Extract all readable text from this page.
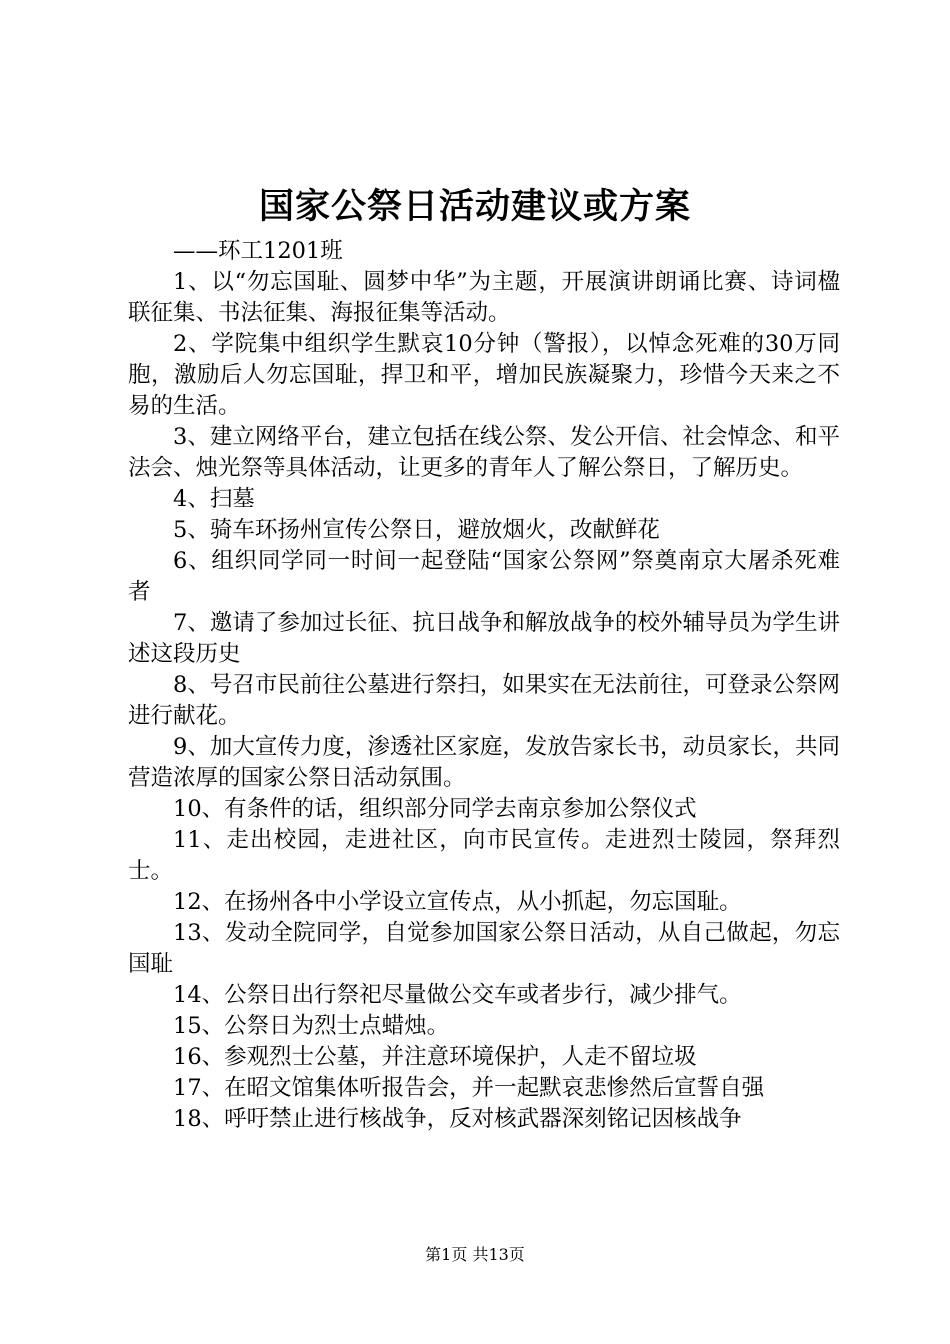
国家公祭日活动建议或方案

——环工1201班

1、以“勿忘国耻、圆梦中华”为主题，开展演讲朗诵比赛、诗词楹联征集、书法征集、海报征集等活动。

2、学院集中组织学生默哀10分钟（警报），以悼念死难的30万同胞，激励后人勿忘国耻，捍卫和平，增加民族凝聚力，珍惜今天来之不易的生活。

3、建立网络平台，建立包括在线公祭、发公开信、社会悼念、和平法会、烛光祭等具体活动，让更多的青年人了解公祭日，了解历史。

4、扫墓

5、骑车环扬州宣传公祭日，避放烟火，改献鲜花

6、组织同学同一时间一起登陆“国家公祭网”祭奠南京大屠杀死难者

7、邀请了参加过长征、抗日战争和解放战争的校外辅导员为学生讲述这段历史

8、号召市民前往公墓进行祭扫，如果实在无法前往，可登录公祭网进行献花。

9、加大宣传力度，渗透社区家庭，发放告家长书，动员家长，共同营造浓厚的国家公祭日活动氛围。

10、有条件的话，组织部分同学去南京参加公祭仪式

11、走出校园，走进社区，向市民宣传。走进烈士陵园，祭拜烈士。

12、在扬州各中小学设立宣传点，从小抓起，勿忘国耻。

13、发动全院同学，自觉参加国家公祭日活动，从自己做起，勿忘国耻

14、公祭日出行祭祀尽量做公交车或者步行，减少排气。

15、公祭日为烈士点蜡烛。

16、参观烈士公墓，并注意环境保护，人走不留垃圾

17、在昭文馆集体听报告会，并一起默哀悲惨然后宣誓自强

18、呼吁禁止进行核战争，反对核武器深刻铭记因核战争

第1页 共13页
